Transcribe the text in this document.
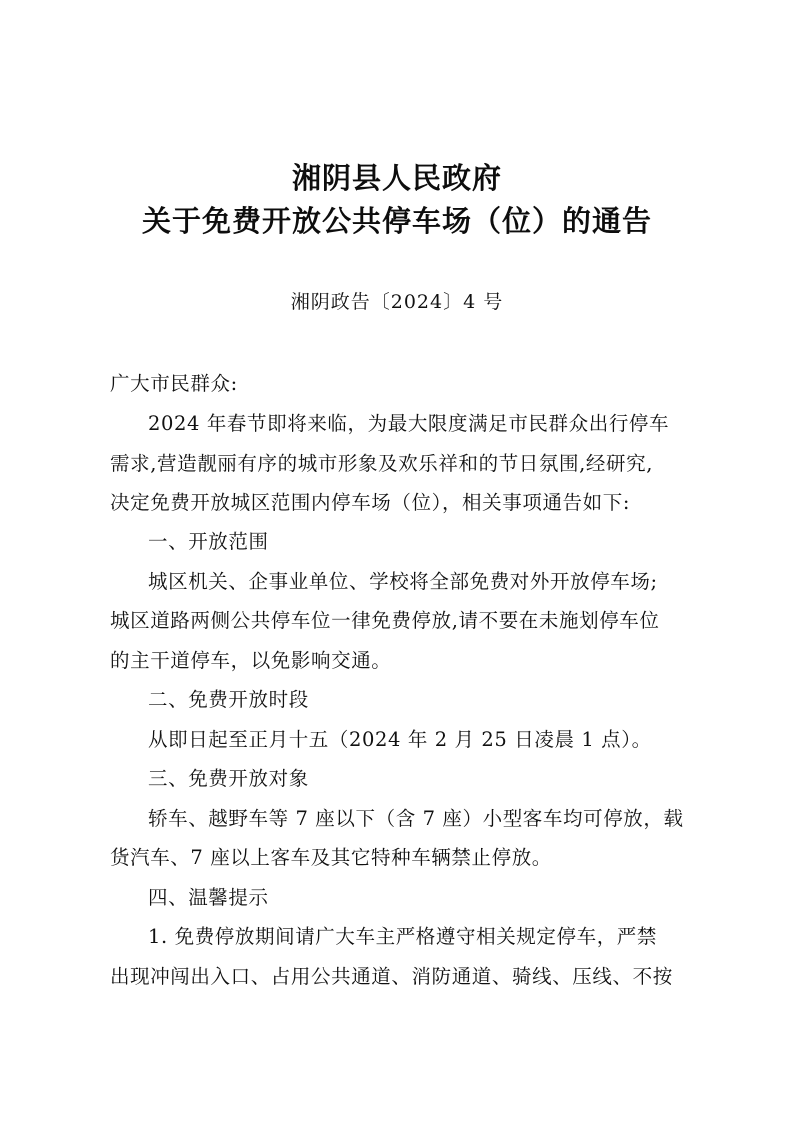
湘阴县人民政府
关于免费开放公共停车场（位）的通告
湘阴政告〔2024〕4 号
广大市民群众:
2024 年春节即将来临，为最大限度满足市民群众出行停车
需求,营造靓丽有序的城市形象及欢乐祥和的节日氛围,经研究,
决定免费开放城区范围内停车场（位），相关事项通告如下:
一、开放范围
城区机关、企事业单位、学校将全部免费对外开放停车场;
城区道路两侧公共停车位一律免费停放,请不要在未施划停车位
的主干道停车，以免影响交通。
二、免费开放时段
从即日起至正月十五（2024 年 2 月 25 日凌晨 1 点）。
三、免费开放对象
轿车、越野车等 7 座以下（含 7 座）小型客车均可停放，载
货汽车、7 座以上客车及其它特种车辆禁止停放。
四、温馨提示
1. 免费停放期间请广大车主严格遵守相关规定停车，严禁
出现冲闯出入口、占用公共通道、消防通道、骑线、压线、不按
